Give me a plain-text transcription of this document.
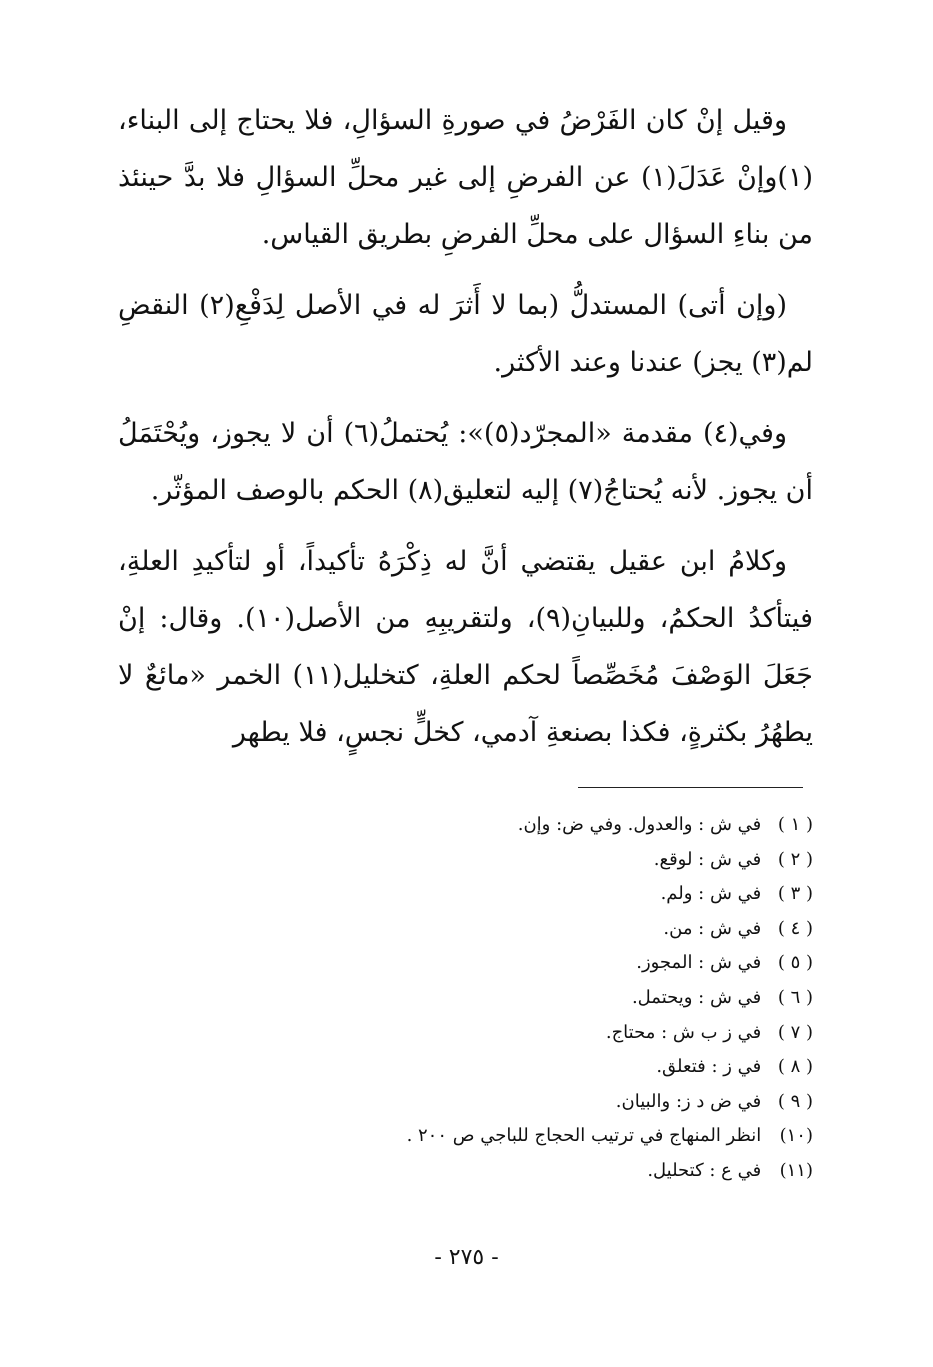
وقيل إنْ كان الفَرْضُ في صورةِ السؤالِ، فلا يحتاج إلى البناء، (١)وإنْ عَدَلَ(١) عن الفرضِ إلى غير محلِّ السؤالِ فلا بدَّ حينئذ من بناءِ السؤال على محلِّ الفرضِ بطريق القياس.

(وإن أتى) المستدلُّ (بما لا أَثرَ له في الأصل لِدَفْعِ(٢) النقضِ لم(٣) يجز) عندنا وعند الأكثر.

وفي(٤) مقدمة «المجرّد(٥)»: يُحتملُ(٦) أن لا يجوز، ويُحْتَمَلُ أن يجوز. لأنه يُحتاجُ(٧) إليه لتعليق(٨) الحكم بالوصف المؤثّر.

وكلامُ ابن عقيل يقتضي أنَّ له ذِكْرَهُ تأكيداً، أو لتأكيدِ العلةِ، فيتأكدُ الحكمُ، وللبيانِ(٩)، ولتقريبِهِ من الأصل(١٠). وقال: إنْ جَعَلَ الوَصْفَ مُخَصِّصاً لحكم العلةِ، كتخليل(١١) الخمر «مائعٌ لا يطهُرُ بكثرةٍ، فكذا بصنعةِ آدمي، كخلٍّ نجسٍ، فلا يطهر

( ١ ) في ش : والعدول. وفي ض: وإن.
( ٢ ) في ش : لوقع.
( ٣ ) في ش : ولم.
( ٤ ) في ش : من.
( ٥ ) في ش : المجوز.
( ٦ ) في ش : ويحتمل.
( ٧ ) في ز ب ش : محتاج.
( ٨ ) في ز : فتعلق.
( ٩ ) في ض د ز: والبيان.
(١٠) انظر المنهاج في ترتيب الحجاج للباجي ص ٢٠٠ .
(١١) في ع : كتحليل.
- ٢٧٥ -
